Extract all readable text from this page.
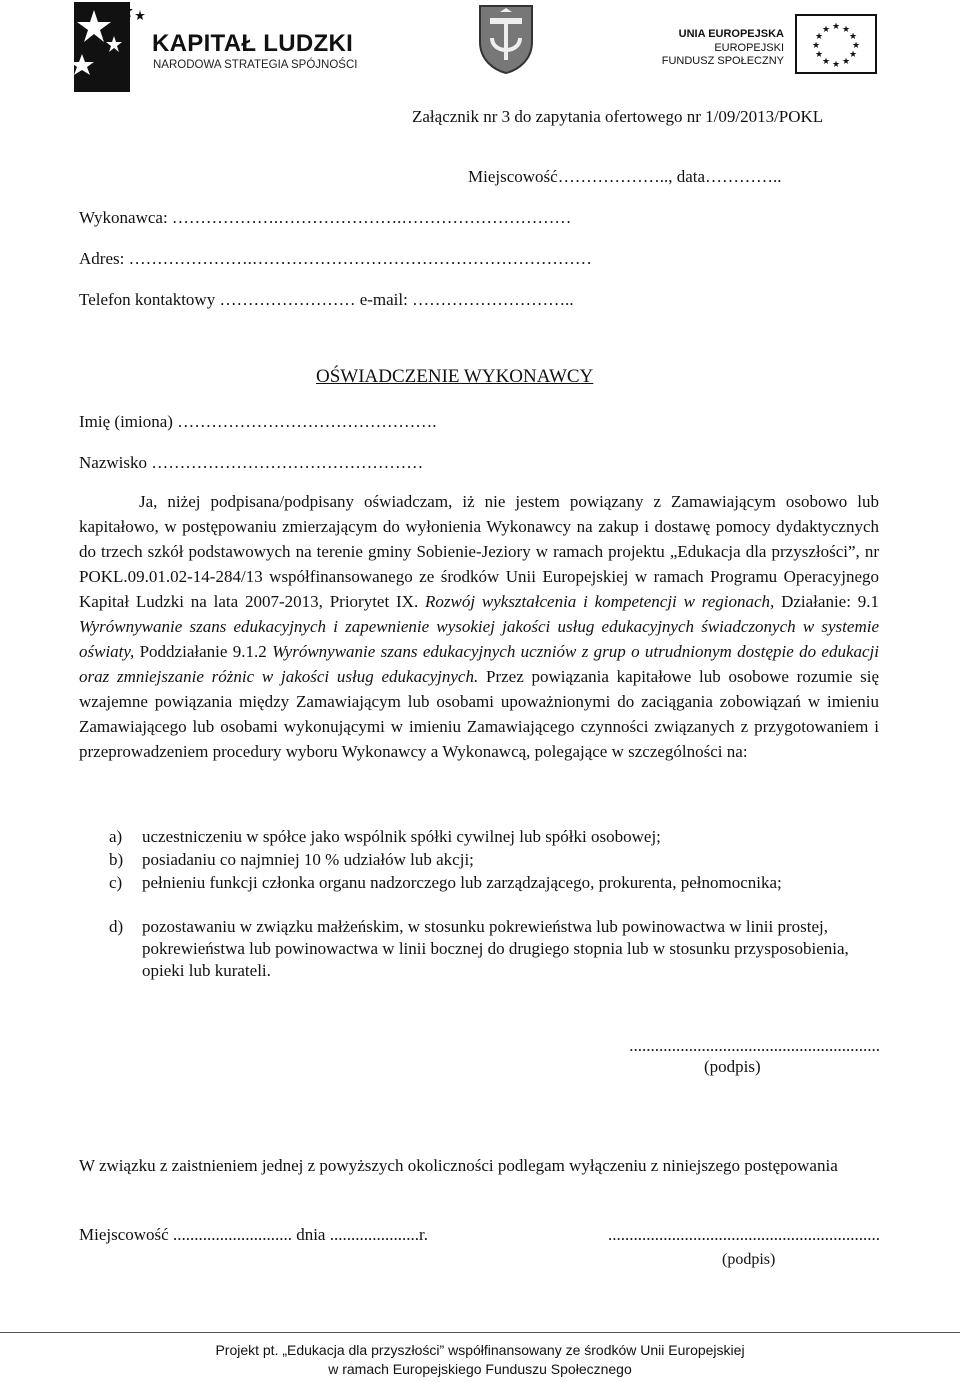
KAPITAŁ LUDZKI
NARODOWA STRATEGIA SPÓJNOŚCI
UNIA EUROPEJSKA
EUROPEJSKI
FUNDUSZ SPOŁECZNY
★ ★
★
★
★
★
★
★
★
★
★
★
Załącznik nr 3 do zapytania ofertowego nr 1/09/2013/POKL
Miejscowość……………….., data…………..
Wykonawca: ……………….………………….…………………………
Adres: ………………….……………………………………………………
Telefon kontaktowy …………………… e-mail: ………………………..
OŚWIADCZENIE WYKONAWCY
Imię (imiona) ……………………………………….
Nazwisko …………………………………………
Ja, niżej podpisana/podpisany oświadczam, iż nie jestem powiązany z Zamawiającym osobowo lub kapitałowo, w postępowaniu zmierzającym do wyłonienia Wykonawcy na zakup i dostawę pomocy dydaktycznych do trzech szkół podstawowych na terenie gminy Sobienie-Jeziory w ramach projektu „Edukacja dla przyszłości”, nr POKL.09.01.02-14-284/13 współfinansowanego ze środków Unii Europejskiej w ramach Programu Operacyjnego Kapitał Ludzki na lata 2007-2013, Priorytet IX. Rozwój wykształcenia i kompetencji w regionach, Działanie: 9.1 Wyrównywanie szans edukacyjnych i zapewnienie wysokiej jakości usług edukacyjnych świadczonych w systemie oświaty, Poddziałanie 9.1.2 Wyrównywanie szans edukacyjnych uczniów z grup o utrudnionym dostępie do edukacji oraz zmniejszanie różnic w jakości usług edukacyjnych. Przez powiązania kapitałowe lub osobowe rozumie się wzajemne powiązania między Zamawiającym lub osobami upoważnionymi do zaciągania zobowiązań w imieniu Zamawiającego lub osobami wykonującymi w imieniu Zamawiającego czynności związanych z przygotowaniem i przeprowadzeniem procedury wyboru Wykonawcy a Wykonawcą, polegające w szczególności na:
a) uczestniczeniu w spółce jako wspólnik spółki cywilnej lub spółki osobowej;
b) posiadaniu co najmniej 10 % udziałów lub akcji;
c) pełnieniu funkcji członka organu nadzorczego lub zarządzającego, prokurenta, pełnomocnika;
d) pozostawaniu w związku małżeńskim, w stosunku pokrewieństwa lub powinowactwa w linii prostej, pokrewieństwa lub powinowactwa w linii bocznej do drugiego stopnia lub w stosunku przysposobienia, opieki lub kurateli.
...........................................................
(podpis)
W związku z zaistnieniem jednej z powyższych okoliczności podlegam wyłączeniu z niniejszego postępowania
Miejscowość ............................ dnia .....................r.	................................................................
(podpis)
Projekt pt. „Edukacja dla przyszłości” współfinansowany ze środków Unii Europejskiej
w ramach Europejskiego Funduszu Społecznego
